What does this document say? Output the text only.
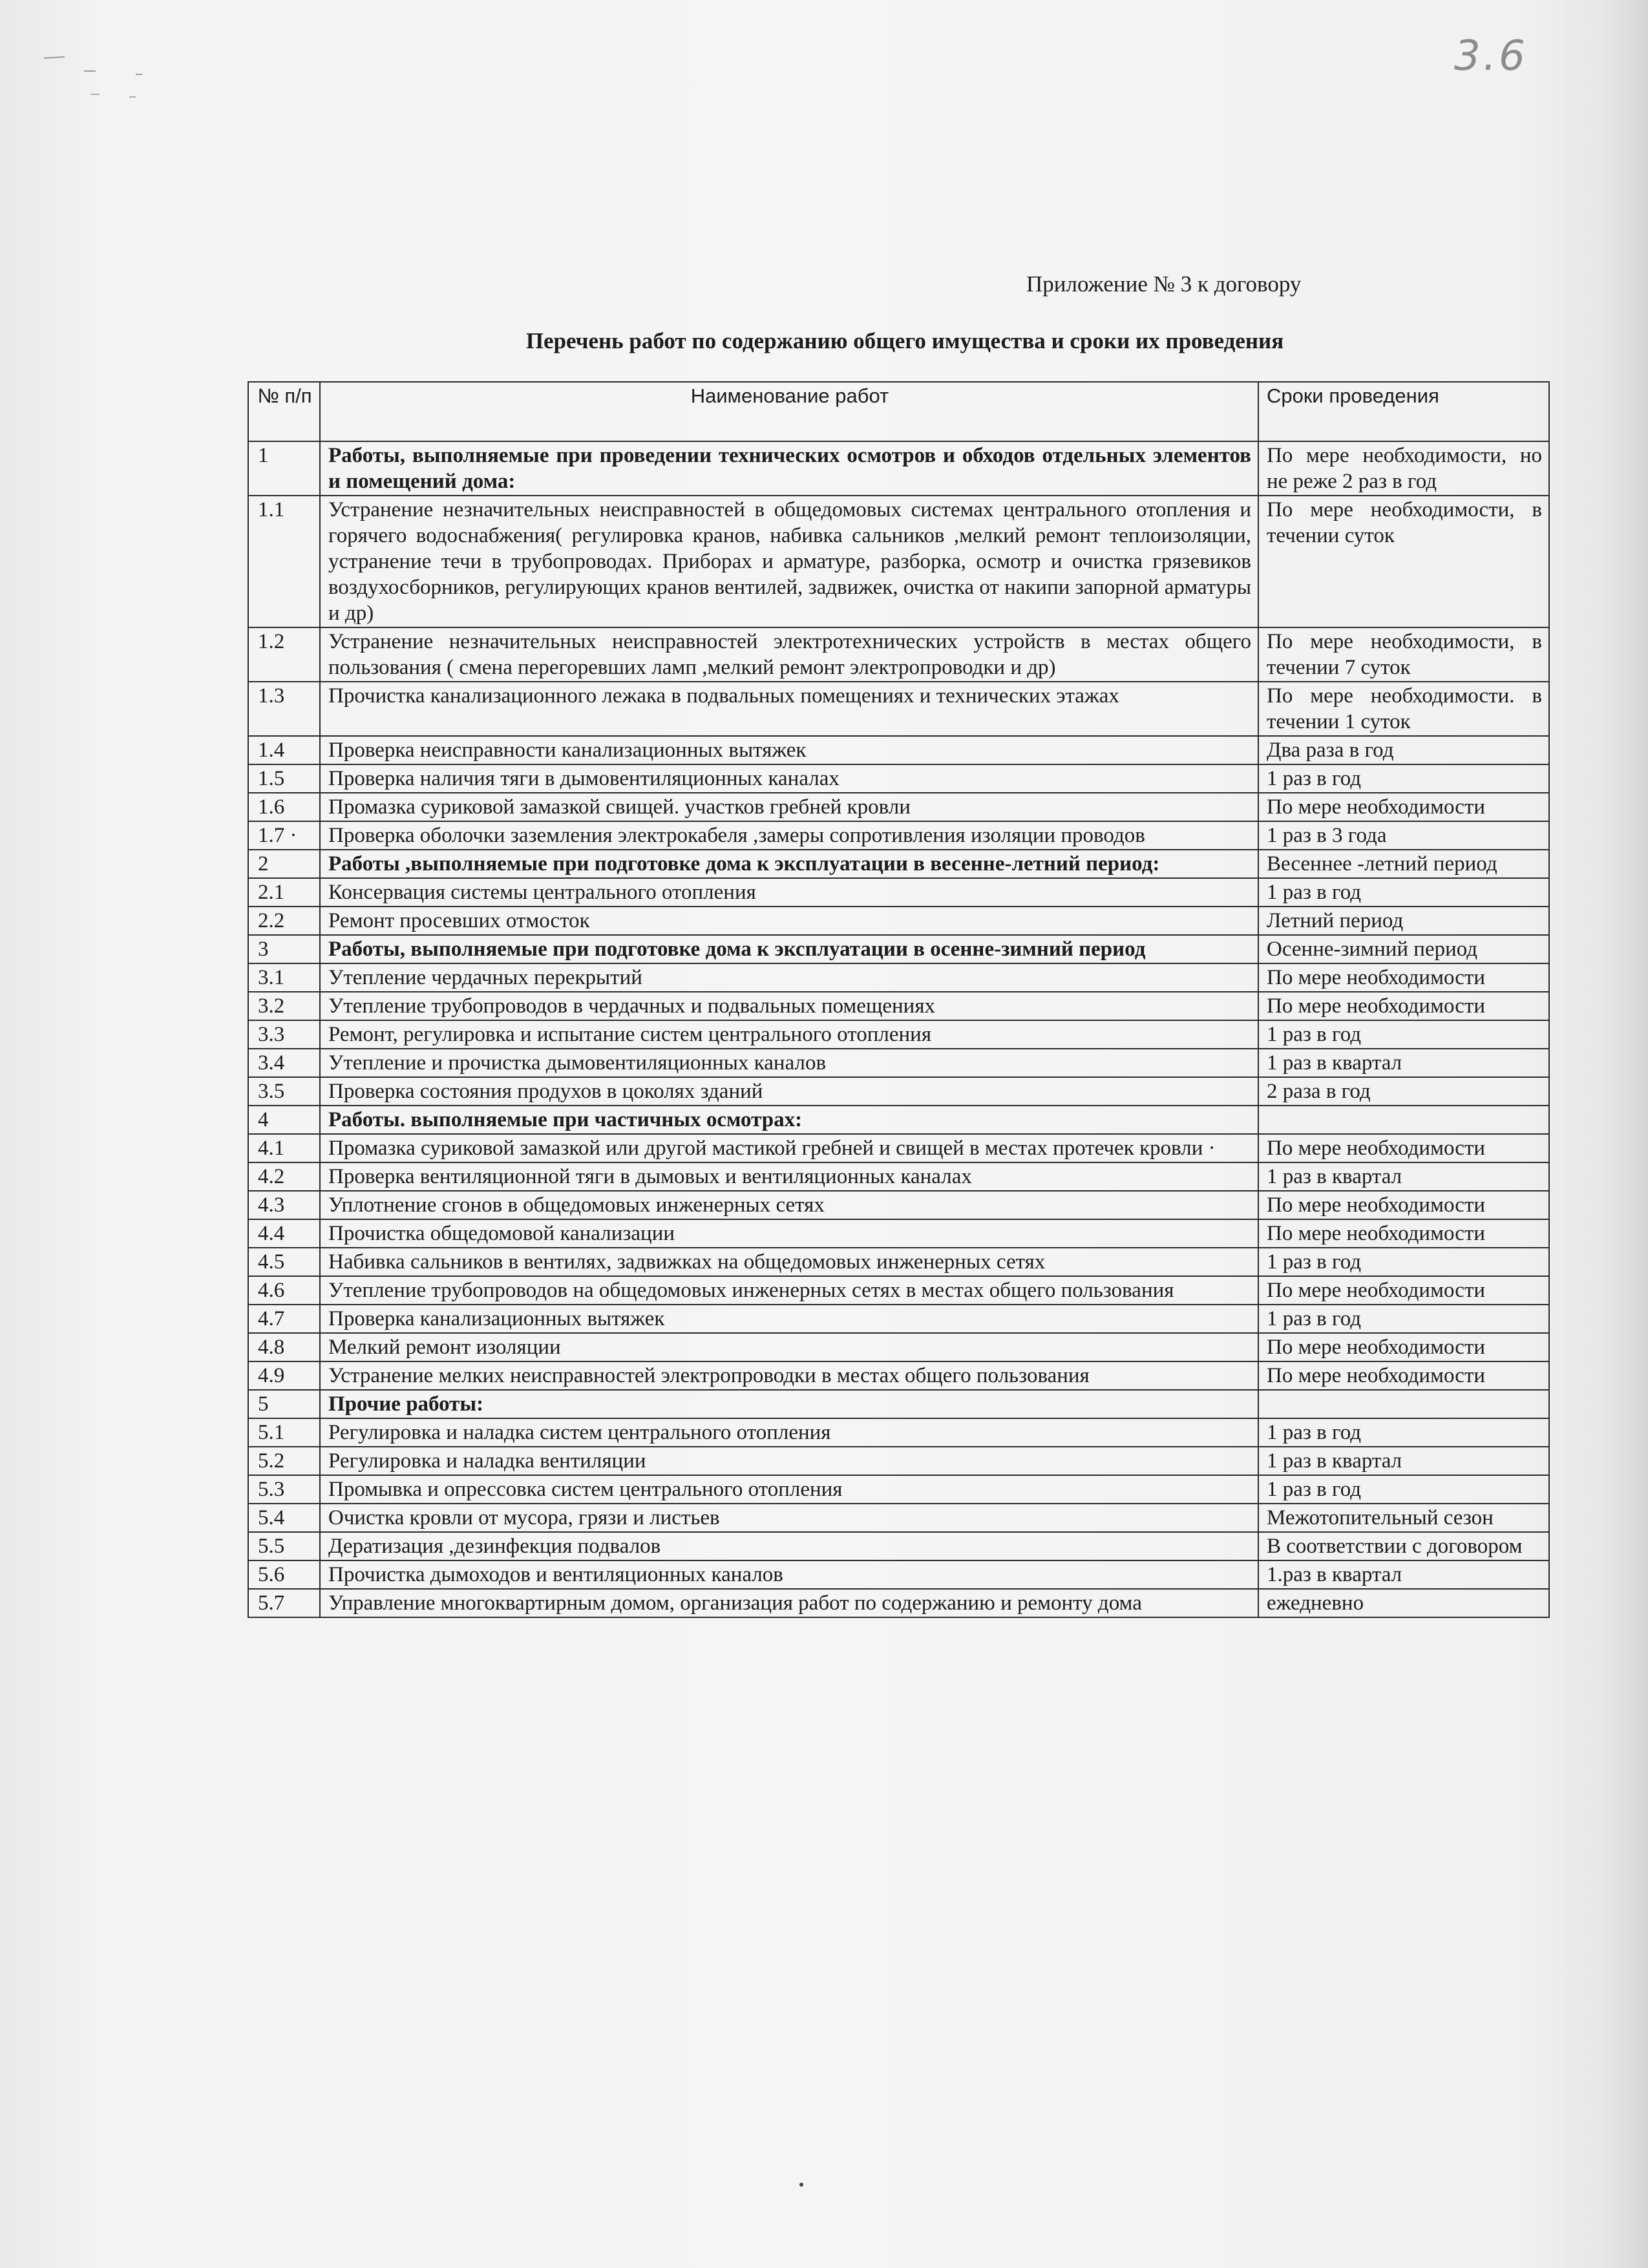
3.6
Приложение № 3 к договору
Перечень работ по содержанию общего имущества и сроки их проведения
№ п/п	Наименование работ	Сроки проведения
1	Работы, выполняемые при проведении технических осмотров и обходов отдельных элементов и помещений дома:	По мере необходимости, но не реже 2 раз в год
1.1	Устранение незначительных неисправностей в общедомовых системах центрального отопления и горячего водоснабжения( регулировка кранов, набивка сальников ,мелкий ремонт теплоизоляции, устранение течи в трубопроводах. Приборах и арматуре, разборка, осмотр и очистка грязевиков воздухосборников, регулирующих кранов вентилей, задвижек, очистка от накипи запорной арматуры и др)	По мере необходимости, в течении суток
1.2	Устранение незначительных неисправностей электротехнических устройств в местах общего пользования ( смена перегоревших ламп ,мелкий ремонт электропроводки и др)	По мере необходимости, в течении 7 суток
1.3	Прочистка канализационного лежака в подвальных помещениях и технических этажах	По мере необходимости. в течении 1 суток
1.4	Проверка неисправности канализационных вытяжек	Два раза в год
1.5	Проверка наличия тяги в дымовентиляционных каналах	1 раз в год
1.6	Промазка суриковой замазкой свищей. участков гребней кровли	По мере необходимости
1.7 ·	Проверка оболочки заземления электрокабеля ,замеры сопротивления изоляции проводов	1 раз в 3 года
2	Работы ,выполняемые при подготовке дома к эксплуатации в весенне-летний период:	Весеннее -летний период
2.1	Консервация системы центрального отопления	1 раз в год
2.2	Ремонт просевших отмосток	Летний период
3	Работы, выполняемые при подготовке дома к эксплуатации в осенне-зимний период	Осенне-зимний период
3.1	Утепление чердачных перекрытий	По мере необходимости
3.2	Утепление трубопроводов в чердачных и подвальных помещениях	По мере необходимости
3.3	Ремонт, регулировка и испытание систем центрального отопления	1 раз в год
3.4	Утепление и прочистка дымовентиляционных каналов	1 раз в квартал
3.5	Проверка состояния продухов в цоколях зданий	2 раза в год
4	Работы. выполняемые при частичных осмотрах:	
4.1	Промазка суриковой замазкой или другой мастикой гребней и свищей в местах протечек кровли ·	По мере необходимости
4.2	Проверка вентиляционной тяги в дымовых и вентиляционных каналах	1 раз в квартал
4.3	Уплотнение сгонов в общедомовых инженерных сетях	По мере необходимости
4.4	Прочистка общедомовой канализации	По мере необходимости
4.5	Набивка сальников в вентилях, задвижках на общедомовых инженерных сетях	1 раз в год
4.6	Утепление трубопроводов на общедомовых инженерных сетях в местах общего пользования	По мере необходимости
4.7	Проверка канализационных вытяжек	1 раз в год
4.8	Мелкий ремонт изоляции	По мере необходимости
4.9	Устранение мелких неисправностей электропроводки в местах общего пользования	По мере необходимости
5	Прочие работы:	
5.1	Регулировка и наладка систем центрального отопления	1 раз в год
5.2	Регулировка и наладка вентиляции	1 раз в квартал
5.3	Промывка и опрессовка систем центрального отопления	1 раз в год
5.4	Очистка кровли от мусора, грязи и листьев	Межотопительный сезон
5.5	Дератизация ,дезинфекция подвалов	В соответствии с договором
5.6	Прочистка дымоходов и вентиляционных каналов	1.раз в квартал
5.7	Управление многоквартирным домом, организация работ по содержанию и ремонту дома	ежедневно
